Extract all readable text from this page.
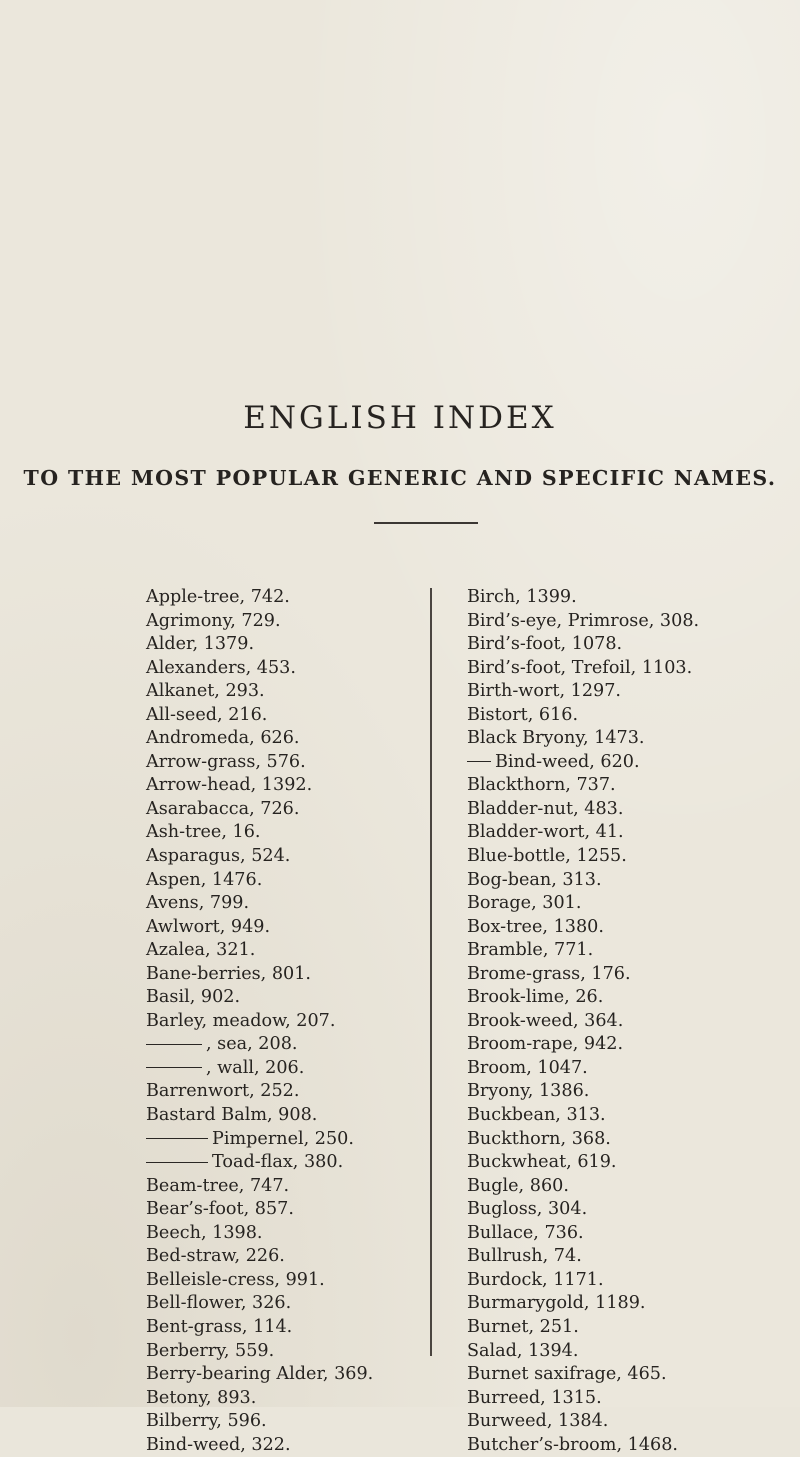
ENGLISH INDEX
TO THE MOST POPULAR GENERIC AND SPECIFIC NAMES.
Apple-tree, 742.
Agrimony, 729.
Alder, 1379.
Alexanders, 453.
Alkanet, 293.
All-seed, 216.
Andromeda, 626.
Arrow-grass, 576.
Arrow-head, 1392.
Asarabacca, 726.
Ash-tree, 16.
Asparagus, 524.
Aspen, 1476.
Avens, 799.
Awlwort, 949.
Azalea, 321.
Bane-berries, 801.
Basil, 902.
Barley, meadow, 207.
, sea, 208.
, wall, 206.
Barrenwort, 252.
Bastard Balm, 908.
Pimpernel, 250.
Toad-flax, 380.
Beam-tree, 747.
Bear’s-foot, 857.
Beech, 1398.
Bed-straw, 226.
Belleisle-cress, 991.
Bell-flower, 326.
Bent-grass, 114.
Berberry, 559.
Berry-bearing Alder, 369.
Betony, 893.
Bilberry, 596.
Bind-weed, 322.
Birch, 1399.
Bird’s-eye, Primrose, 308.
Bird’s-foot, 1078.
Bird’s-foot, Trefoil, 1103.
Birth-wort, 1297.
Bistort, 616.
Black Bryony, 1473.
Bind-weed, 620.
Blackthorn, 737.
Bladder-nut, 483.
Bladder-wort, 41.
Blue-bottle, 1255.
Bog-bean, 313.
Borage, 301.
Box-tree, 1380.
Bramble, 771.
Brome-grass, 176.
Brook-lime, 26.
Brook-weed, 364.
Broom-rape, 942.
Broom, 1047.
Bryony, 1386.
Buckbean, 313.
Buckthorn, 368.
Buckwheat, 619.
Bugle, 860.
Bugloss, 304.
Bullace, 736.
Bullrush, 74.
Burdock, 1171.
Burmarygold, 1189.
Burnet, 251.
Salad, 1394.
Burnet saxifrage, 465.
Burreed, 1315.
Burweed, 1384.
Butcher’s-broom, 1468.
